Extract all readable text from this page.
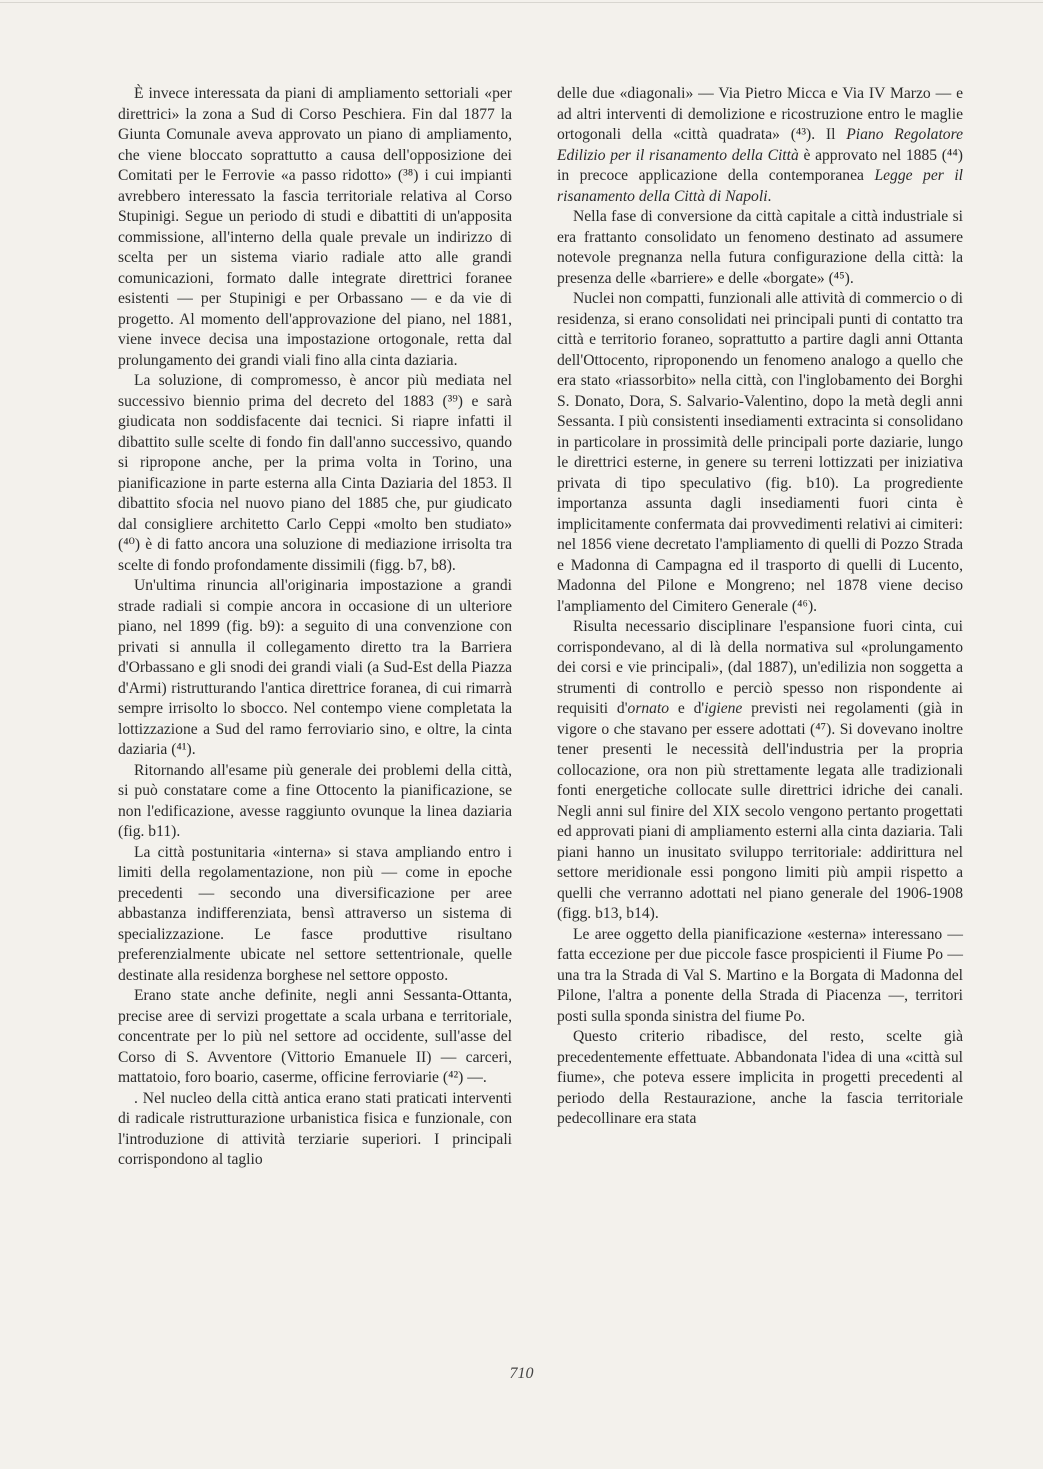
È invece interessata da piani di ampliamento settoriali «per direttrici» la zona a Sud di Corso Peschiera. Fin dal 1877 la Giunta Comunale aveva approvato un piano di ampliamento, che viene bloccato soprattutto a causa dell'opposizione dei Comitati per le Ferrovie «a passo ridotto» (³⁸) i cui impianti avrebbero interessato la fascia territoriale relativa al Corso Stupinigi. Segue un periodo di studi e dibattiti di un'apposita commissione, all'interno della quale prevale un indirizzo di scelta per un sistema viario radiale atto alle grandi comunicazioni, formato dalle integrate direttrici foranee esistenti — per Stupinigi e per Orbassano — e da vie di progetto. Al momento dell'approvazione del piano, nel 1881, viene invece decisa una impostazione ortogonale, retta dal prolungamento dei grandi viali fino alla cinta daziaria.

La soluzione, di compromesso, è ancor più mediata nel successivo biennio prima del decreto del 1883 (³⁹) e sarà giudicata non soddisfacente dai tecnici. Si riapre infatti il dibattito sulle scelte di fondo fin dall'anno successivo, quando si ripropone anche, per la prima volta in Torino, una pianificazione in parte esterna alla Cinta Daziaria del 1853. Il dibattito sfocia nel nuovo piano del 1885 che, pur giudicato dal consigliere architetto Carlo Ceppi «molto ben studiato» (⁴⁰) è di fatto ancora una soluzione di mediazione irrisolta tra scelte di fondo profondamente dissimili (figg. b7, b8).

Un'ultima rinuncia all'originaria impostazione a grandi strade radiali si compie ancora in occasione di un ulteriore piano, nel 1899 (fig. b9): a seguito di una convenzione con privati si annulla il collegamento diretto tra la Barriera d'Orbassano e gli snodi dei grandi viali (a Sud-Est della Piazza d'Armi) ristrutturando l'antica direttrice foranea, di cui rimarrà sempre irrisolto lo sbocco. Nel contempo viene completata la lottizzazione a Sud del ramo ferroviario sino, e oltre, la cinta daziaria (⁴¹).

Ritornando all'esame più generale dei problemi della città, si può constatare come a fine Ottocento la pianificazione, se non l'edificazione, avesse raggiunto ovunque la linea daziaria (fig. b11).

La città postunitaria «interna» si stava ampliando entro i limiti della regolamentazione, non più — come in epoche precedenti — secondo una diversificazione per aree abbastanza indifferenziata, bensì attraverso un sistema di specializzazione. Le fasce produttive risultano preferenzialmente ubicate nel settore settentrionale, quelle destinate alla residenza borghese nel settore opposto.

Erano state anche definite, negli anni Sessanta-Ottanta, precise aree di servizi progettate a scala urbana e territoriale, concentrate per lo più nel settore ad occidente, sull'asse del Corso di S. Avventore (Vittorio Emanuele II) — carceri, mattatoio, foro boario, caserme, officine ferroviarie (⁴²) —.

. Nel nucleo della città antica erano stati praticati interventi di radicale ristrutturazione urbanistica fisica e funzionale, con l'introduzione di attività terziarie superiori. I principali corrispondono al taglio

delle due «diagonali» — Via Pietro Micca e Via IV Marzo — e ad altri interventi di demolizione e ricostruzione entro le maglie ortogonali della «città quadrata» (⁴³). Il Piano Regolatore Edilizio per il risanamento della Città è approvato nel 1885 (⁴⁴) in precoce applicazione della contemporanea Legge per il risanamento della Città di Napoli.

Nella fase di conversione da città capitale a città industriale si era frattanto consolidato un fenomeno destinato ad assumere notevole pregnanza nella futura configurazione della città: la presenza delle «barriere» e delle «borgate» (⁴⁵).

Nuclei non compatti, funzionali alle attività di commercio o di residenza, si erano consolidati nei principali punti di contatto tra città e territorio foraneo, soprattutto a partire dagli anni Ottanta dell'Ottocento, riproponendo un fenomeno analogo a quello che era stato «riassorbito» nella città, con l'inglobamento dei Borghi S. Donato, Dora, S. Salvario-Valentino, dopo la metà degli anni Sessanta. I più consistenti insediamenti extracinta si consolidano in particolare in prossimità delle principali porte daziarie, lungo le direttrici esterne, in genere su terreni lottizzati per iniziativa privata di tipo speculativo (fig. b10). La progrediente importanza assunta dagli insediamenti fuori cinta è implicitamente confermata dai provvedimenti relativi ai cimiteri: nel 1856 viene decretato l'ampliamento di quelli di Pozzo Strada e Madonna di Campagna ed il trasporto di quelli di Lucento, Madonna del Pilone e Mongreno; nel 1878 viene deciso l'ampliamento del Cimitero Generale (⁴⁶).

Risulta necessario disciplinare l'espansione fuori cinta, cui corrispondevano, al di là della normativa sul «prolungamento dei corsi e vie principali», (dal 1887), un'edilizia non soggetta a strumenti di controllo e perciò spesso non rispondente ai requisiti d'ornato e d'igiene previsti nei regolamenti (già in vigore o che stavano per essere adottati (⁴⁷). Si dovevano inoltre tener presenti le necessità dell'industria per la propria collocazione, ora non più strettamente legata alle tradizionali fonti energetiche collocate sulle direttrici idriche dei canali. Negli anni sul finire del XIX secolo vengono pertanto progettati ed approvati piani di ampliamento esterni alla cinta daziaria. Tali piani hanno un inusitato sviluppo territoriale: addirittura nel settore meridionale essi pongono limiti più ampii rispetto a quelli che verranno adottati nel piano generale del 1906-1908 (figg. b13, b14).

Le aree oggetto della pianificazione «esterna» interessano — fatta eccezione per due piccole fasce prospicienti il Fiume Po — una tra la Strada di Val S. Martino e la Borgata di Madonna del Pilone, l'altra a ponente della Strada di Piacenza —, territori posti sulla sponda sinistra del fiume Po.

Questo criterio ribadisce, del resto, scelte già precedentemente effettuate. Abbandonata l'idea di una «città sul fiume», che poteva essere implicita in progetti precedenti al periodo della Restaurazione, anche la fascia territoriale pedecollinare era stata

710
